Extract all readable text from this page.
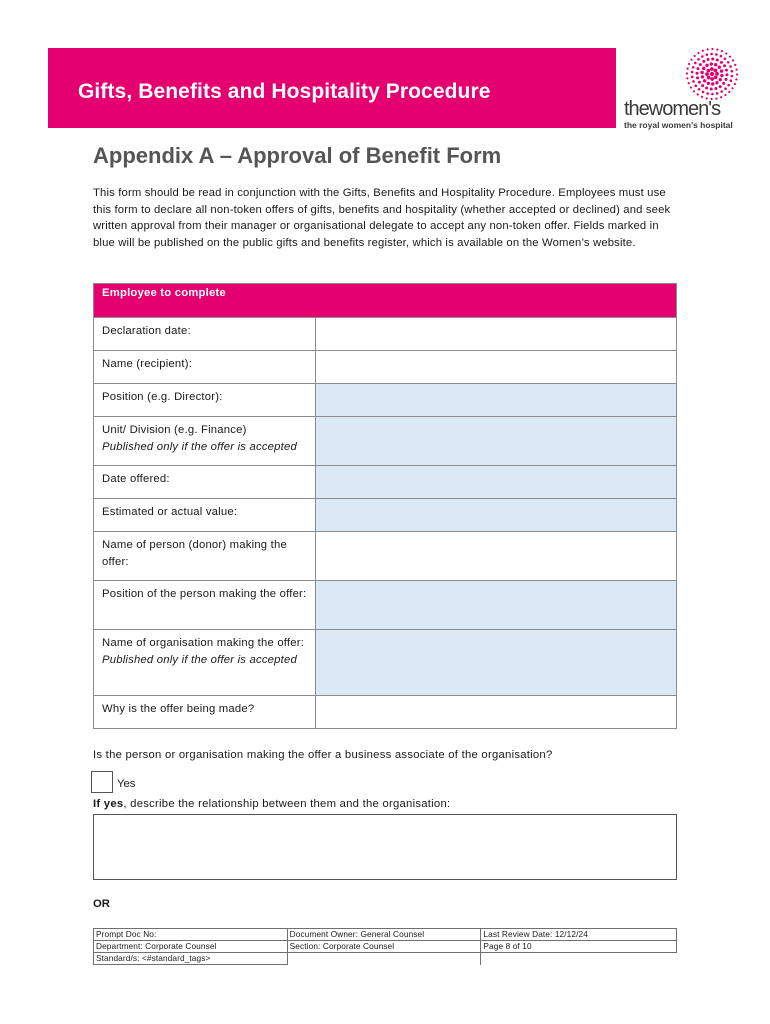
Gifts, Benefits and Hospitality Procedure
thewomen's
the royal women's hospital
Appendix A – Approval of Benefit Form

This form should be read in conjunction with the Gifts, Benefits and Hospitality Procedure. Employees must use this form to declare all non-token offers of gifts, benefits and hospitality (whether accepted or declined) and seek written approval from their manager or organisational delegate to accept any non-token offer. Fields marked in blue will be published on the public gifts and benefits register, which is available on the Women’s website.

Employee to complete	

Declaration date:	

Name (recipient):	

Position (e.g. Director):	

Unit/ Division (e.g. Finance)
Published only if the offer is accepted	

Date offered:	

Estimated or actual value:	

Name of person (donor) making the offer:	

Position of the person making the offer:	

Name of organisation making the offer:
Published only if the offer is accepted	

Why is the offer being made?	

Is the person or organisation making the offer a business associate of the organisation?
Yes
If yes, describe the relationship between them and the organisation:
OR
Prompt Doc No:	Document Owner: General Counsel	Last Review Date: 12/12/24
Department: Corporate Counsel	Section: Corporate Counsel	Page 8 of 10
Standard/s: <#standard_tags>		
